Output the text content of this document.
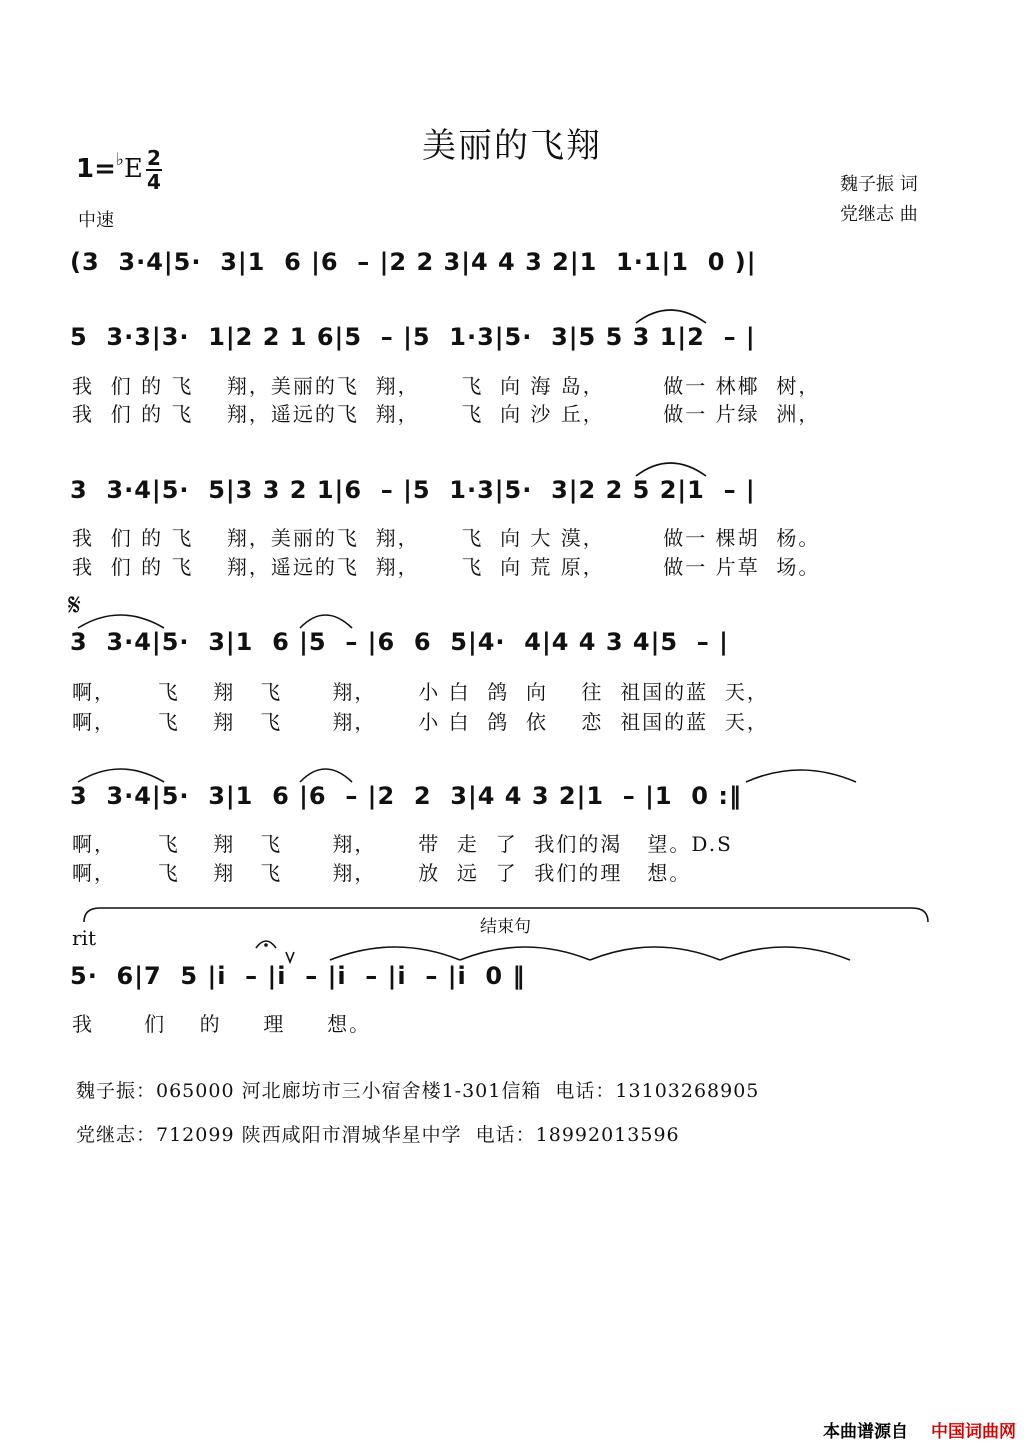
美丽的飞翔
1=♭E 2
4
中速
魏子振 词
党继志 曲
(3  3·4|5·  3|1  6 |6  – |2 2 3|4 4 3 2|1  1·1|1  0 )|
5  3·3|3·  1|2 2 1 6|5  – |5  1·3|5·  3|5 5 3 1|2  – |
我  们 的 飞    翔，美丽的飞  翔，     飞  向 海 岛，       做一 林椰  树，
我  们 的 飞    翔，遥远的飞  翔，     飞  向 沙 丘，       做一 片绿  洲，
3  3·4|5·  5|3 3 2 1|6  – |5  1·3|5·  3|2 2 5 2|1  – |
我  们 的 飞    翔，美丽的飞  翔，     飞  向 大 漠，       做一 棵胡  杨。
我  们 的 飞    翔，遥远的飞  翔，     飞  向 荒 原，       做一 片草  场。
𝄋
3  3·4|5·  3|1  6 |5  – |6  6  5|4·  4|4 4 3 4|5  – |
啊，     飞    翔   飞      翔，     小 白  鸽  向    往  祖国的蓝  天，
啊，     飞    翔   飞      翔，     小 白  鸽  依    恋  祖国的蓝  天，
3  3·4|5·  3|1  6 |6  – |2  2  3|4 4 3 2|1  – |1  0 :‖
啊，     飞    翔   飞      翔，     带  走  了  我们的渴   望。D.S
啊，     飞    翔   飞      翔，     放  远  了  我们的理   想。
结束句
rit
5·  6|7  5 |i  – |i  – |i  – |i  – |i  0 ‖
我      们    的     理     想。
魏子振：065000 河北廊坊市三小宿舍楼1-301信箱  电话：13103268905
党继志：712099 陕西咸阳市渭城华星中学  电话：18992013596
本曲谱源自 中国词曲网
